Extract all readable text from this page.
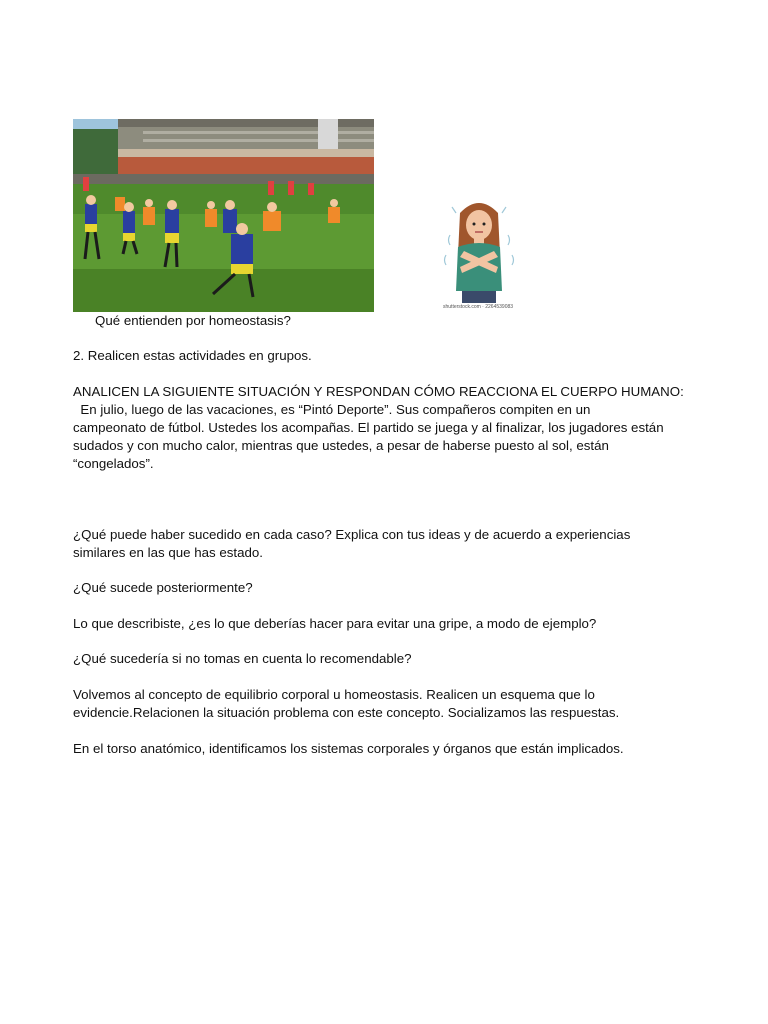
shutterstock.com · 2264539083
Qué entienden por homeostasis?
2. Realicen estas actividades en grupos.
ANALICEN LA SIGUIENTE SITUACIÓN Y RESPONDAN CÓMO REACCIONA EL CUERPO HUMANO:
En julio, luego de las vacaciones, es “Pintó Deporte”. Sus compañeros compiten en un
campeonato de fútbol. Ustedes los acompañas. El partido se juega y al finalizar, los jugadores están
sudados y con mucho calor, mientras que ustedes, a pesar de haberse puesto al sol, están
“congelados”.
¿Qué puede haber sucedido en cada caso? Explica con tus ideas y de acuerdo a experiencias
similares en las que has estado.
¿Qué sucede posteriormente?
Lo que describiste, ¿es lo que deberías hacer para evitar una gripe, a modo de ejemplo?
¿Qué sucedería si no tomas en cuenta lo recomendable?
Volvemos al concepto de equilibrio corporal u homeostasis. Realicen un esquema que lo
evidencie.Relacionen la situación problema con este concepto. Socializamos las respuestas.
En el torso anatómico, identificamos los sistemas corporales y órganos que están implicados.
